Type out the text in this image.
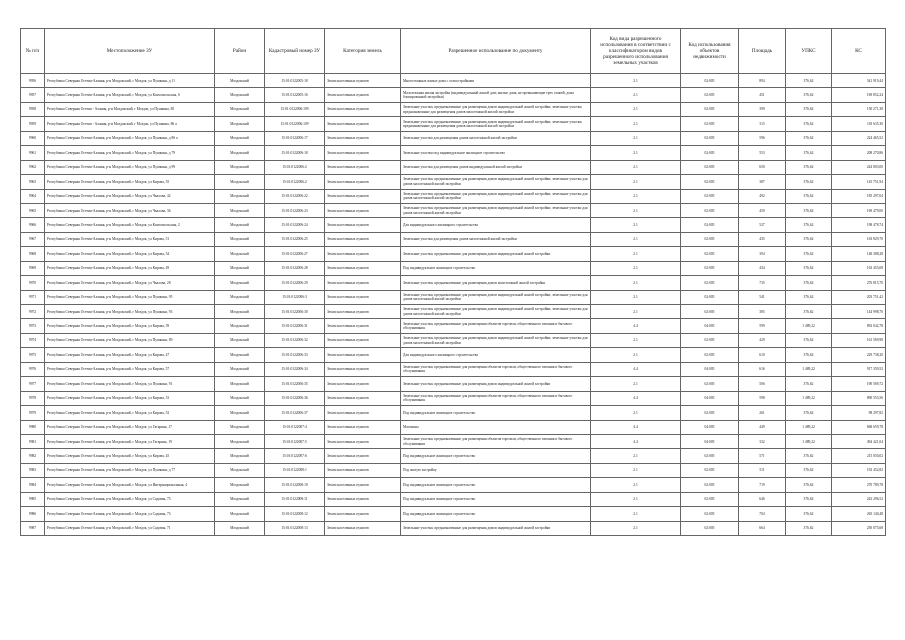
№ п/п	Местоположение ЗУ	Район	Кадастровый номер ЗУ	Категория земель	Разрешенное использование по документу	Код вида разрешенного использования в соответствии с классификатором видов разрешенного использования земельных участков	Код использования объектов недвижимости	Площадь	УПКС	КС

9956	Республика Северная Осетия-Алания, р-н Моздокский, г Моздок, ул Пушкина, д 11	Моздокский	15:01:0122005:18	Земли населенных пунктов	Многоэтажные жилые дома с хозпостройками	2.1	02:005	894	376,62	341 919,44

9957	Республика Северная Осетия-Алания, р-н Моздокский, г Моздок, ул Комсомольская, 6	Моздокский	15:01:0122005:16	Земли населенных пунктов	Малоэтажная жилая застройка (индивидуальный жилой дом; жилые дома, не превышающие трех этажей; дома блокированной застройки)	2.1	02:005	451	376,62	169 852,24

9958	Республика Северная Осетия - Алания, р-н Моздокский, г Моздок, ул Пушкина, 85	Моздокский	15:01:0122006:109	Земли населенных пунктов	Земельные участки, предназначенные для размещения домов индивидуальной жилой застройки; земельные участки, предназначенные для размещения домов малоэтажной жилой застройки	2.1	02:005	399	376,62	150 271,38

9959	Республика Северная Осетия - Алания, р-н Моздокский, г Моздок, ул Пушкина, 86 а	Моздокский	15:01:0122006:109	Земли населенных пунктов	Земельные участки, предназначенные для размещения домов индивидуальной жилой застройки; земельные участки, предназначенные для размещения домов малоэтажной жилой застройки	2.1	02:005	315	376,62	118 635,30

9960	Республика Северная Осетия-Алания, р-н Моздокский, г Моздок, ул Пушкина, д 86 а	Моздокский	15:01:0122006:17	Земли населенных пунктов	Земельные участки для размещения домов малоэтажной жилой застройки	2.1	02:005	596	376,62	224 465,52

9961	Республика Северная Осетия-Алания, р-н Моздокский, г Моздок, ул Пушкина, д 79	Моздокский	15:01:0122006:18	Земли населенных пунктов	Земельные участки под индивидуальное жилищное строительство	2.1	02:005	553	376,62	208 270,86

9962	Республика Северная Осетия-Алания, р-н Моздокский, г Моздок, ул Пушкина, д 99	Моздокский	15:01:0122006:2	Земли населенных пунктов	Земельные участки для размещения домов индивидуальной жилой застройки	2.1	02:005	650	376,62	244 803,00

9963	Республика Северная Осетия-Алания, р-н Моздокский, г Моздок, ул Кирова, 55	Моздокский	15:01:0122006:2	Земли населенных пунктов	Земельные участки, предназначенные для размещения домов индивидуальной жилой застройки; земельные участки для домов малоэтажной жилой застройки	2.1	02:005	387	376,62	145 751,94

9964	Республика Северная Осетия-Алания, р-н Моздокский, г Моздок, ул Чкалова, 42	Моздокский	15:01:0122006:22	Земли населенных пунктов	Земельные участки, предназначенные для размещения домов индивидуальной жилой застройки; земельные участки для домов малоэтажной жилой застройки	2.1	02:005	492	376,62	185 297,04

9965	Республика Северная Осетия-Алания, р-н Моздокский, г Моздок, ул Чкалова, 36	Моздокский	15:01:0122006:23	Земли населенных пунктов	Земельные участки, предназначенные для размещения домов индивидуальной жилой застройки; земельные участки для домов малоэтажной жилой застройки	2.1	02:005	450	376,62	169 479,00

9966	Республика Северная Осетия-Алания, р-н Моздокский, г Моздок, ул Комсомольская, 2	Моздокский	15:01:0122006:24	Земли населенных пунктов	Для индивидуального жилищного строительства	2.1	02:005	527	376,62	198 478,74

9967	Республика Северная Осетия-Алания, р-н Моздокский, г Моздок, ул Кирова, 51	Моздокский	15:01:0122006:25	Земли населенных пунктов	Земельные участки для размещения домов малоэтажной жилой застройки	2.1	02:005	435	376,62	163 829,70

9968	Республика Северная Осетия-Алания, р-н Моздокский, г Моздок, ул Кирова, 54	Моздокский	15:01:0122006:27	Земли населенных пунктов	Земельные участки, предназначенные для размещения домов индивидуальной жилой застройки	2.1	02:005	394	376,62	148 388,28

9969	Республика Северная Осетия-Алания, р-н Моздокский, г Моздок, ул Кирова, 49	Моздокский	15:01:0122006:28	Земли населенных пунктов	Под индивидуальное жилищное строительство	2.1	02:005	434	376,62	163 453,08

9970	Республика Северная Осетия-Алания, р-н Моздокский, г Моздок, ул Чкалова, 28	Моздокский	15:01:0122006:29	Земли населенных пунктов	Земельные участки, предназначенные для размещения домов малоэтажной жилой застройки	2.1	02:005	735	376,62	276 815,70

9971	Республика Северная Осетия-Алания, р-н Моздокский, г Моздок, ул Пушкина, 95	Моздокский	15:01:0122006:3	Земли населенных пунктов	Земельные участки, предназначенные для размещения домов индивидуальной жилой застройки; земельные участки для домов малоэтажной жилой застройки	2.1	02:005	541	376,62	203 751,42

9972	Республика Северная Осетия-Алания, р-н Моздокский, г Моздок, ул Пушкина, 93	Моздокский	15:01:0122006:30	Земли населенных пунктов	Земельные участки, предназначенные для размещения домов индивидуальной жилой застройки; земельные участки для домов малоэтажной жилой застройки	2.1	02:005	385	376,62	144 998,70

9973	Республика Северная Осетия-Алания, р-н Моздокский, г Моздок, ул Кирова, 59	Моздокский	15:01:0122006:31	Земли населенных пунктов	Земельные участки, предназначенные для размещения объектов торговли, общественного питания и бытового обслуживания	4.4	04:005	599	1 489,22	892 042,78

9974	Республика Северная Осетия-Алания, р-н Моздокский, г Моздок, ул Пушкина, 89	Моздокский	15:01:0122006:32	Земли населенных пунктов	Земельные участки, предназначенные для размещения домов индивидуальной жилой застройки; земельные участки для домов малоэтажной жилой застройки	2.1	02:005	429	376,62	161 569,98

9975	Республика Северная Осетия-Алания, р-н Моздокский, г Моздок, ул Кирова, 47	Моздокский	15:01:0122006:33	Земли населенных пунктов	Для индивидуального жилищного строительства	2.1	02:005	610	376,62	229 738,20

9976	Республика Северная Осетия-Алания, р-н Моздокский, г Моздок, ул Кирова, 57	Моздокский	15:01:0122006:34	Земли населенных пунктов	Земельные участки, предназначенные для размещения объектов торговли, общественного питания и бытового обслуживания	4.4	04:005	616	1 489,22	917 359,52

9977	Республика Северная Осетия-Алания, р-н Моздокский, г Моздок, ул Пушкина, 91	Моздокский	15:01:0122006:35	Земли населенных пунктов	Земельные участки, предназначенные для размещения домов индивидуальной жилой застройки	2.1	02:005	506	376,62	190 569,72

9978	Республика Северная Осетия-Алания, р-н Моздокский, г Моздок, ул Кирова, 53	Моздокский	15:01:0122006:36	Земли населенных пунктов	Земельные участки, предназначенные для размещения объектов торговли, общественного питания и бытового обслуживания	4.4	04:005	598	1 489,22	890 553,56

9979	Республика Северная Осетия-Алания, р-н Моздокский, г Моздок, ул Кирова, 52	Моздокский	15:01:0122006:37	Земли населенных пунктов	Под индивидуальное жилищное строительство	2.1	02:005	261	376,62	98 297,82

9980	Республика Северная Осетия-Алания, р-н Моздокский, г Моздок, ул Гагарина, 17	Моздокский	15:01:0122007:4	Земли населенных пунктов	Магазины	4.4	04:005	449	1 489,22	668 659,78

9981	Республика Северная Осетия-Алания, р-н Моздокский, г Моздок, ул Гагарина, 19	Моздокский	15:01:0122007:5	Земли населенных пунктов	Земельные участки, предназначенные для размещения объектов торговли, общественного питания и бытового обслуживания	4.4	04:005	332	1 489,22	494 421,04

9982	Республика Северная Осетия-Алания, р-н Моздокский, г Моздок, ул Кирова, 45	Моздокский	15:01:0122007:6	Земли населенных пунктов	Под индивидуальное жилищное строительство	2.1	02:005	571	376,62	215 050,02

9983	Республика Северная Осетия-Алания, р-н Моздокский, г Моздок, ул Пушкина, д 77	Моздокский	15:01:0122008:1	Земли населенных пунктов	Под жилую застройку	2.1	02:005	511	376,62	192 452,82

9984	Республика Северная Осетия-Алания, р-н Моздокский, г Моздок, ул Интернациональная, 4	Моздокский	15:01:0122008:10	Земли населенных пунктов	Под индивидуальное жилищное строительство	2.1	02:005	719	376,62	270 789,78

9985	Республика Северная Осетия-Алания, р-н Моздокский, г Моздок, ул Садовая, 75	Моздокский	15:01:0122008:11	Земли населенных пунктов	Под индивидуальное жилищное строительство	2.1	02:005	646	376,62	243 296,52

9986	Республика Северная Осетия-Алания, р-н Моздокский, г Моздок, ул Садовая, 73	Моздокский	15:01:0122008:12	Земли населенных пунктов	Под индивидуальное жилищное строительство	2.1	02:005	704	376,62	265 140,48

9987	Республика Северная Осетия-Алания, р-н Моздокский, г Моздок, ул Садовая, 71	Моздокский	15:01:0122008:13	Земли населенных пунктов	Земельные участки, предназначенные для размещения домов индивидуальной жилой застройки	2.1	02:005	664	376,62	250 075,68
